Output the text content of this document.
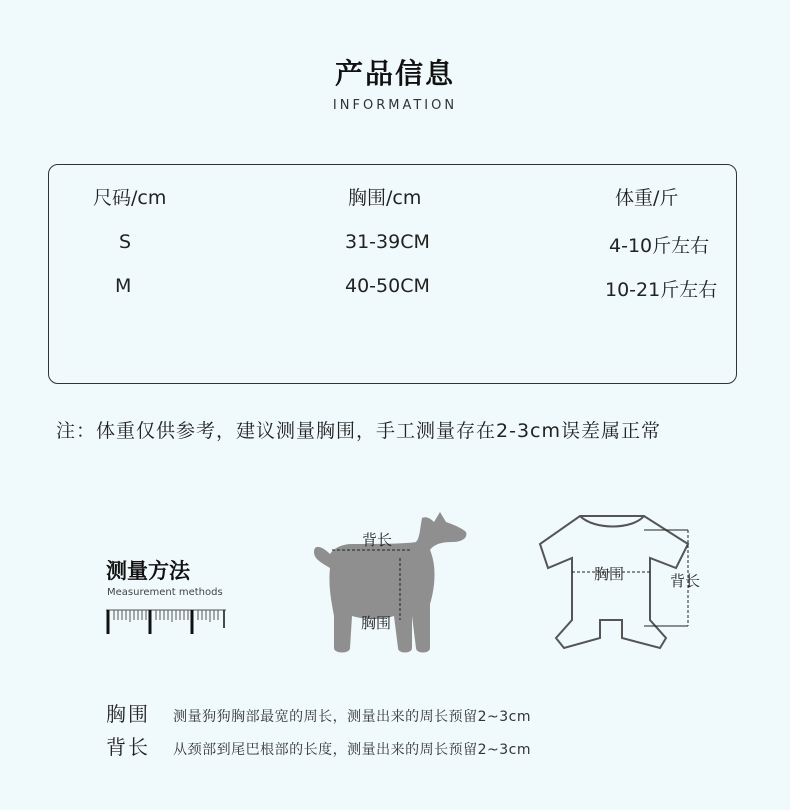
产品信息
INFORMATION
尺码/cm	胸围/cm	体重/斤
S	31-39CM	4-10斤左右
M	40-50CM	10-21斤左右
注：体重仅供参考，建议测量胸围，手工测量存在2-3cm误差属正常
测量方法
Measurement methods
背长
胸围
胸围	背长
胸围 测量狗狗胸部最宽的周长，测量出来的周长预留2~3cm
背长 从颈部到尾巴根部的长度，测量出来的周长预留2~3cm
